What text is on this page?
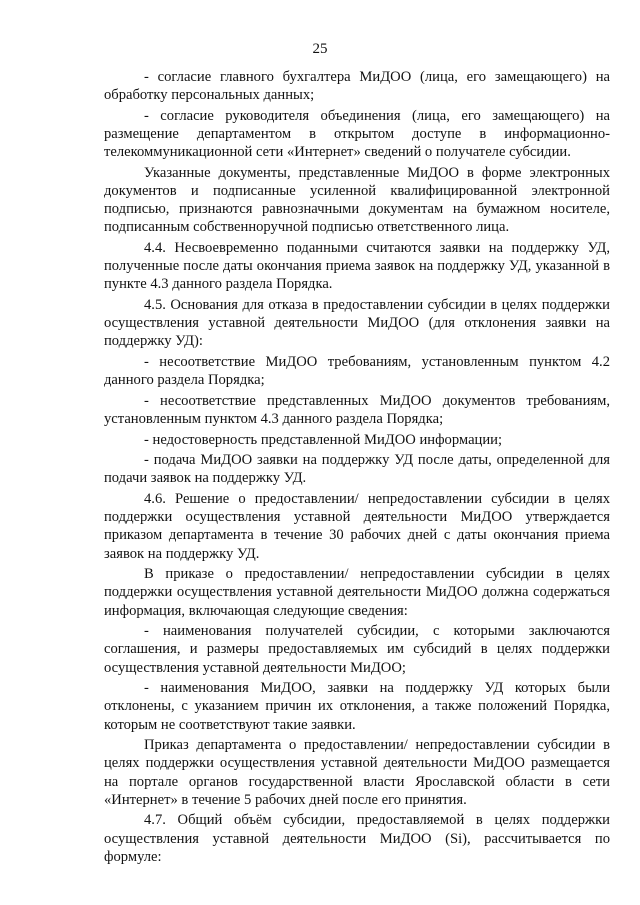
25

- согласие главного бухгалтера МиДОО (лица, его замещающего) на обработку персональных данных;

- согласие руководителя объединения (лица, его замещающего) на размещение департаментом в открытом доступе в информационно-телекоммуникационной сети «Интернет» сведений о получателе субсидии.

Указанные документы, представленные МиДОО в форме электронных документов и подписанные усиленной квалифицированной электронной подписью, признаются равнозначными документам на бумажном носителе, подписанным собственноручной подписью ответственного лица.

4.4. Несвоевременно поданными считаются заявки на поддержку УД, полученные после даты окончания приема заявок на поддержку УД, указанной в пункте 4.3 данного раздела Порядка.

4.5. Основания для отказа в предоставлении субсидии в целях поддержки осуществления уставной деятельности МиДОО (для отклонения заявки на поддержку УД):

- несоответствие МиДОО требованиям, установленным пунктом 4.2 данного раздела Порядка;

- несоответствие представленных МиДОО документов требованиям, установленным пунктом 4.3 данного раздела Порядка;

- недостоверность представленной МиДОО информации;

- подача МиДОО заявки на поддержку УД после даты, определенной для подачи заявок на поддержку УД.

4.6. Решение о предоставлении/ непредоставлении субсидии в целях поддержки осуществления уставной деятельности МиДОО утверждается приказом департамента в течение 30 рабочих дней с даты окончания приема заявок на поддержку УД.

В приказе о предоставлении/ непредоставлении субсидии в целях поддержки осуществления уставной деятельности МиДОО должна содержаться информация, включающая следующие сведения:

- наименования получателей субсидии, с которыми заключаются соглашения, и размеры предоставляемых им субсидий в целях поддержки осуществления уставной деятельности МиДОО;

- наименования МиДОО, заявки на поддержку УД которых были отклонены, с указанием причин их отклонения, а также положений Порядка, которым не соответствуют такие заявки.

Приказ департамента о предоставлении/ непредоставлении субсидии в целях поддержки осуществления уставной деятельности МиДОО размещается на портале органов государственной власти Ярославской области в сети «Интернет» в течение 5 рабочих дней после его принятия.

4.7. Общий объём субсидии, предоставляемой в целях поддержки осуществления уставной деятельности МиДОО (Si), рассчитывается по формуле:
